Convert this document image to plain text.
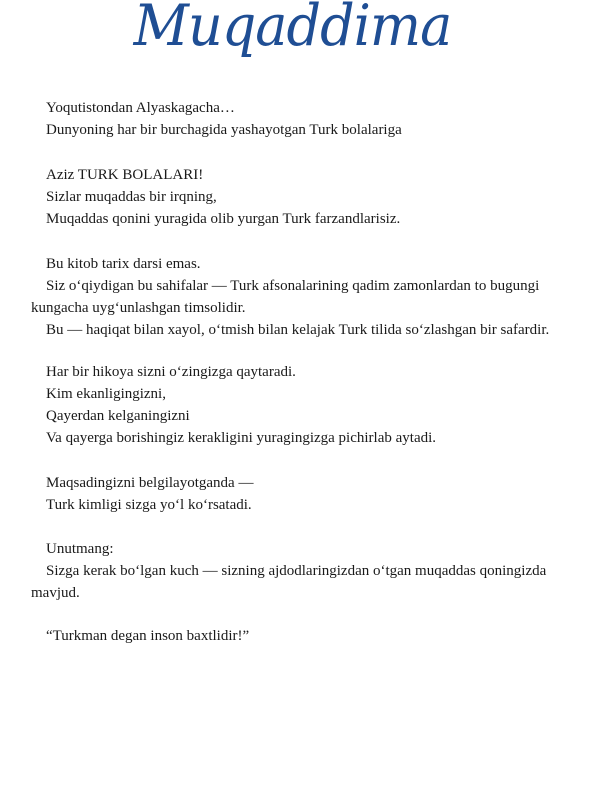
Muqaddima
Yoqutistondan Alyaskagacha…
Dunyoning har bir burchagida yashayotgan Turk bolalariga
Aziz TURK BOLALARI!
Sizlar muqaddas bir irqning,
Muqaddas qonini yuragida olib yurgan Turk farzandlarisiz.
Bu kitob tarix darsi emas.
Siz o‘qiydigan bu sahifalar — Turk afsonalarining qadim zamonlardan to bugungi
kungacha uyg‘unlashgan timsolidir.
Bu — haqiqat bilan xayol, o‘tmish bilan kelajak Turk tilida so‘zlashgan bir safardir.
Har bir hikoya sizni o‘zingizga qaytaradi.
Kim ekanligingizni,
Qayerdan kelganingizni
Va qayerga borishingiz kerakligini yuragingizga pichirlab aytadi.
Maqsadingizni belgilayotganda —
Turk kimligi sizga yo‘l ko‘rsatadi.
Unutmang:
Sizga kerak bo‘lgan kuch — sizning ajdodlaringizdan o‘tgan muqaddas qoningizda
mavjud.
“Turkman degan inson baxtlidir!”
